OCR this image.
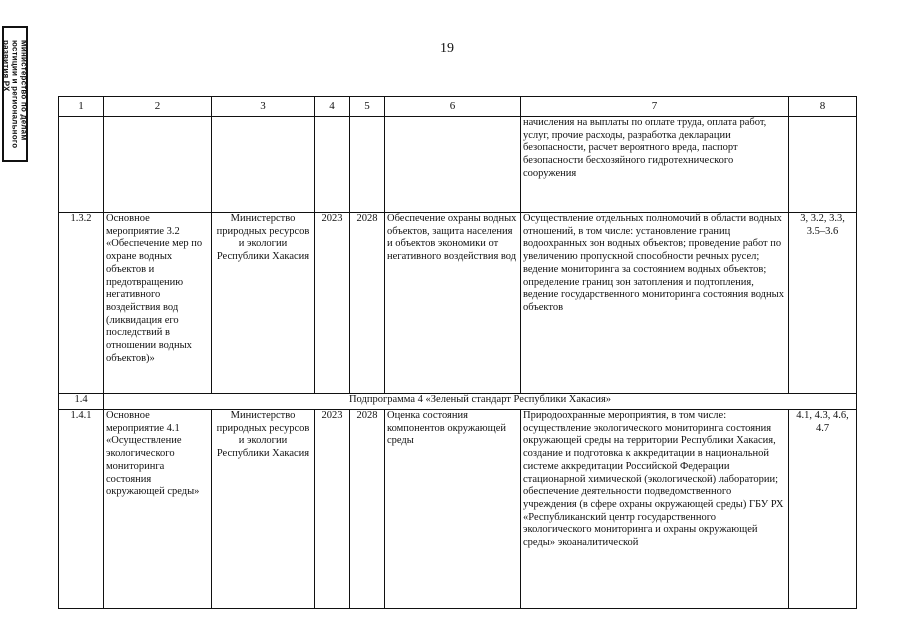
Министерство по делам
юстиции и регионального
развития РХ
19
1	2	3	4	5	6	7	8
						начисления на выплаты по оплате труда, оплата работ, услуг, прочие расходы, разработка декларации безопасности, расчет вероятного вреда, паспорт безопасности бесхозяйного гидротехнического сооружения	
1.3.2	Основное мероприятие 3.2 «Обеспечение мер по охране водных объектов и предотвращению негативного воздействия вод (ликвидация его последствий в отношении водных объектов)»	Министерство природных ресурсов и экологии Республики Хакасия	2023	2028	Обеспечение охраны водных объектов, защита населения и объектов экономики от негативного воздействия вод	Осуществление отдельных полномочий в области водных отношений, в том числе: установление границ водоохранных зон водных объектов; проведение работ по увеличению пропускной способности речных русел; ведение мониторинга за состоянием водных объектов; определение границ зон затопления и подтопления, ведение государственного мониторинга состояния водных объектов	3, 3.2, 3.3, 3.5–3.6
1.4	Подпрограмма 4 «Зеленый стандарт Республики Хакасия»						
1.4.1	Основное мероприятие 4.1 «Осуществление экологического мониторинга состояния окружающей среды»	Министерство природных ресурсов и экологии Республики Хакасия	2023	2028	Оценка состояния компонентов окружающей среды	Природоохранные мероприятия, в том числе: осуществление экологического мониторинга состояния окружающей среды на территории Республики Хакасия, создание и подготовка к аккредитации в национальной системе аккредитации Российской Федерации стационарной химической (экологической) лаборатории; обеспечение деятельности подведомственного учреждения (в сфере охраны окружающей среды) ГБУ РХ «Республиканский центр государственного экологического мониторинга и охраны окружающей среды» экоаналитической	4.1, 4.3, 4.6, 4.7
